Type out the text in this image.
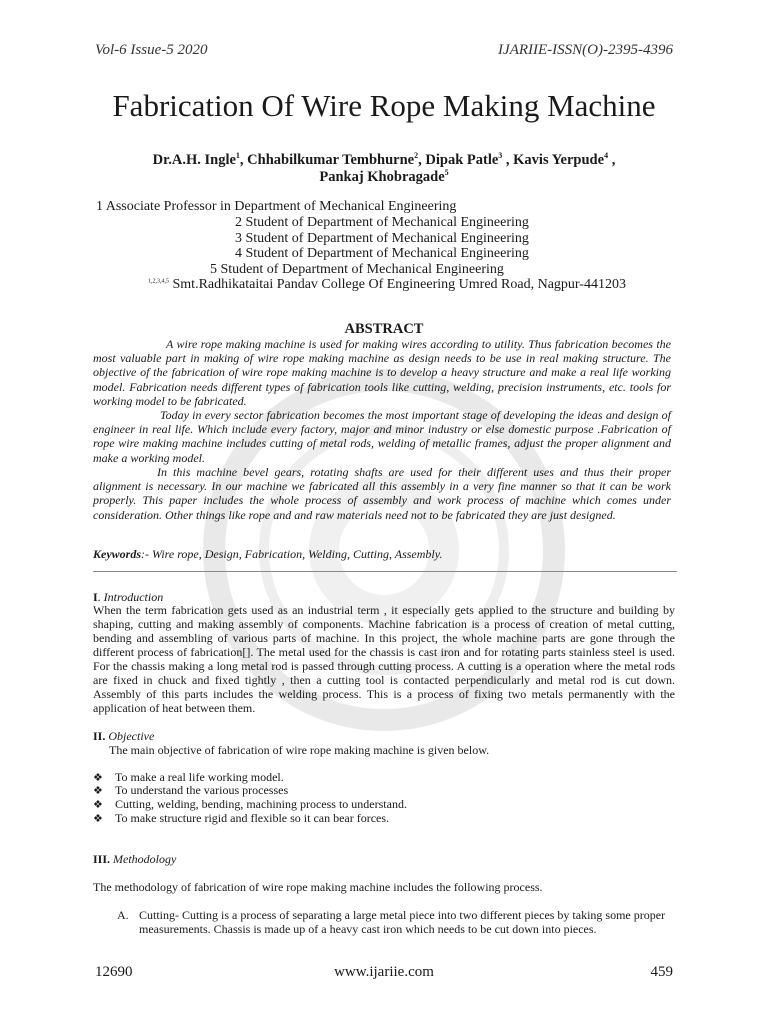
Vol-6 Issue-5 2020	IJARIIE-ISSN(O)-2395-4396
Fabrication Of Wire Rope Making Machine
Dr.A.H. Ingle$^1$, Chhabilkumar Tembhurne$^2$, Dipak Patle$^3$ , Kavis Yerpude$^4$ ,
Pankaj Khobragade$^5$
1 Associate Professor in Department of Mechanical Engineering
2 Student of Department of Mechanical Engineering
3 Student of Department of Mechanical Engineering
4 Student of Department of Mechanical Engineering
5 Student of Department of Mechanical Engineering
$^{1,2,3,4,5}$ Smt.Radhikataitai Pandav College Of Engineering Umred Road, Nagpur-441203
ABSTRACT
A wire rope making machine is used for making wires according to utility. Thus fabrication becomes the most valuable part in making of wire rope making machine as design needs to be use in real making structure. The objective of the fabrication of wire rope making machine is to develop a heavy structure and make a real life working model. Fabrication needs different types of fabrication tools like cutting, welding, precision instruments, etc. tools for working model to be fabricated.
Today in every sector fabrication becomes the most important stage of developing the ideas and design of engineer in real life. Which include every factory, major and minor industry or else domestic purpose .Fabrication of rope wire making machine includes cutting of metal rods, welding of metallic frames, adjust the proper alignment and make a working model.
In this machine bevel gears, rotating shafts are used for their different uses and thus their proper alignment is necessary. In our machine we fabricated all this assembly in a very fine manner so that it can be work properly. This paper includes the whole process of assembly and work process of machine which comes under consideration. Other things like rope and and raw materials need not to be fabricated they are just designed.
Keywords:- Wire rope, Design, Fabrication, Welding, Cutting, Assembly.
I. Introduction
When the term fabrication gets used as an industrial term , it especially gets applied to the structure and building by shaping, cutting and making assembly of components. Machine fabrication is a process of creation of metal cutting, bending and assembling of various parts of machine. In this project, the whole machine parts are gone through the different process of fabrication[]. The metal used for the chassis is cast iron and for rotating parts stainless steel is used. For the chassis making a long metal rod is passed through cutting process. A cutting is a operation where the metal rods are fixed in chuck and fixed tightly , then a cutting tool is contacted perpendicularly and metal rod is cut down. Assembly of this parts includes the welding process. This is a process of fixing two metals permanently with the application of heat between them.
II. Objective
The main objective of fabrication of wire rope making machine is given below.
❖ To make a real life working model.
❖ To understand the various processes
❖ Cutting, welding, bending, machining process to understand.
❖ To make structure rigid and flexible so it can bear forces.
III. Methodology
The methodology of fabrication of wire rope making machine includes the following process.
A. Cutting- Cutting is a process of separating a large metal piece into two different pieces by taking some proper measurements. Chassis is made up of a heavy cast iron which needs to be cut down into pieces.
12690	www.ijariie.com	459
